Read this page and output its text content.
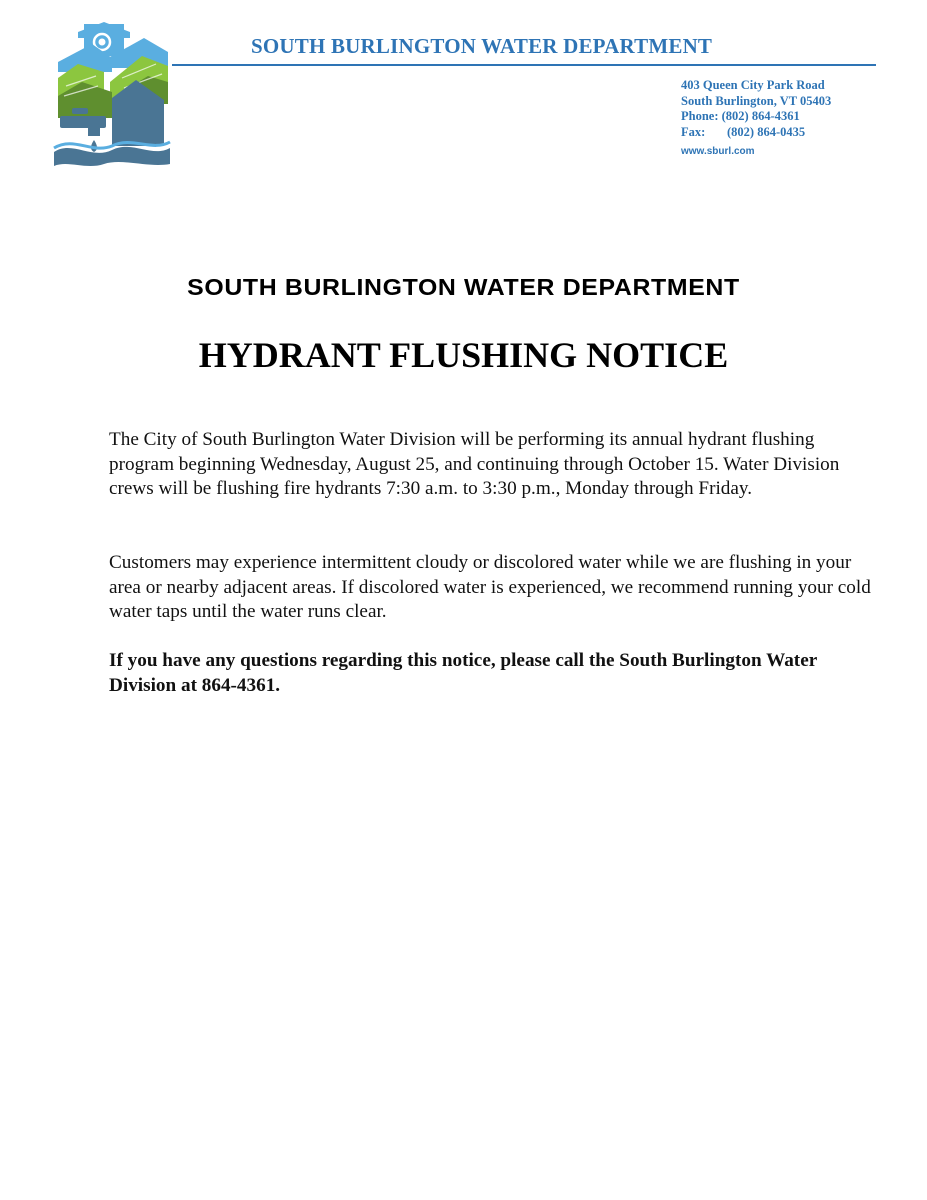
SOUTH BURLINGTON WATER DEPARTMENT
403 Queen City Park Road
South Burlington, VT 05403
Phone: (802) 864-4361
Fax: (802) 864-0435
www.sburl.com
SOUTH BURLINGTON WATER DEPARTMENT
HYDRANT FLUSHING NOTICE

The City of South Burlington Water Division will be performing its annual hydrant flushing program beginning Wednesday, August 25, and continuing through October 15. Water Division crews will be flushing fire hydrants 7:30 a.m. to 3:30 p.m., Monday through Friday.

Customers may experience intermittent cloudy or discolored water while we are flushing in your area or nearby adjacent areas. If discolored water is experienced, we recommend running your cold water taps until the water runs clear.

If you have any questions regarding this notice, please call the South Burlington Water Division at 864-4361.
